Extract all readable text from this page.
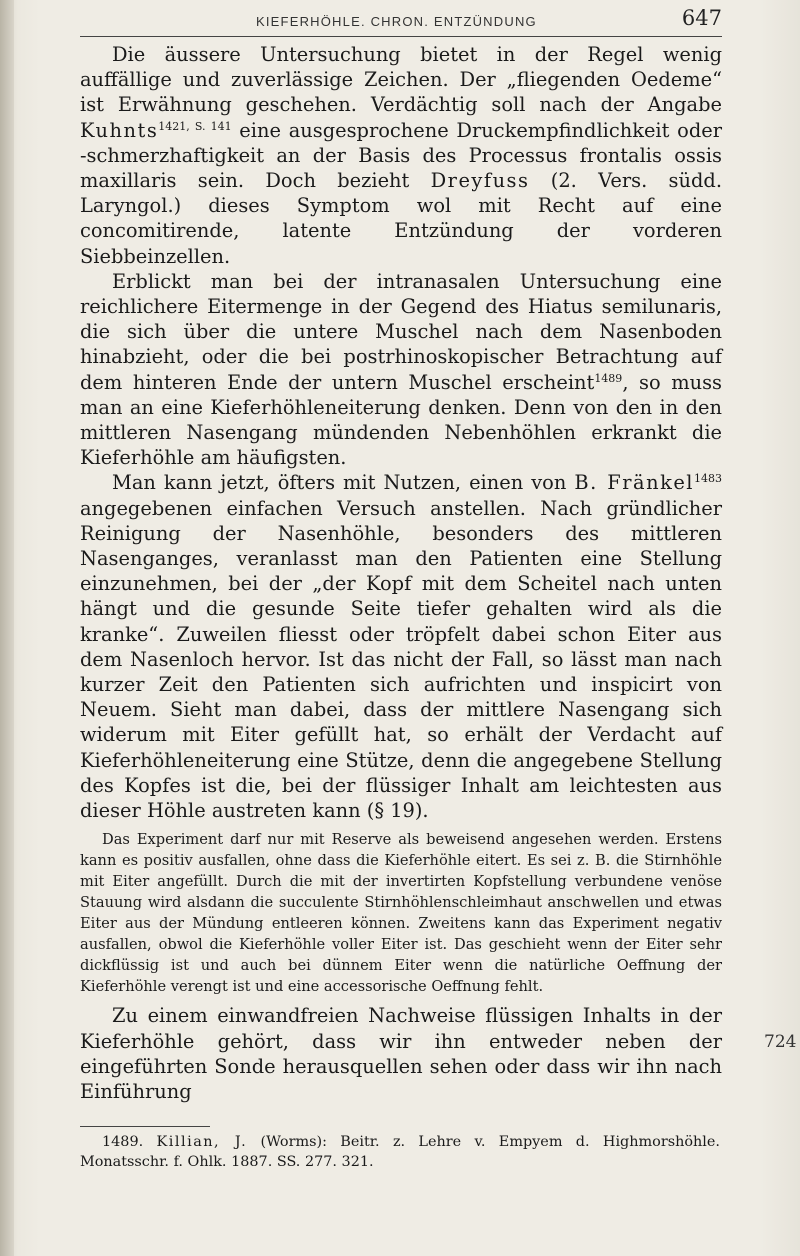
KIEFERHÖHLE. CHRON. ENTZÜNDUNG	647

Die äussere Untersuchung bietet in der Regel wenig auffällige und zuverlässige Zeichen. Der „fliegenden Oedeme“ ist Erwähnung geschehen. Verdächtig soll nach der Angabe Kuhnts$^{1421, S. 141}$ eine ausgesprochene Druckempfindlichkeit oder -schmerzhaftigkeit an der Basis des Processus frontalis ossis maxillaris sein. Doch bezieht Dreyfuss (2. Vers. südd. Laryngol.) dieses Symptom wol mit Recht auf eine concomitirende, latente Entzündung der vorderen Siebbeinzellen.

Erblickt man bei der intranasalen Untersuchung eine reichlichere Eitermenge in der Gegend des Hiatus semilunaris, die sich über die untere Muschel nach dem Nasenboden hinabzieht, oder die bei postrhinoskopischer Betrachtung auf dem hinteren Ende der untern Muschel erscheint$^{1489}$, so muss man an eine Kieferhöhleneiterung denken. Denn von den in den mittleren Nasengang mündenden Nebenhöhlen erkrankt die Kieferhöhle am häufigsten.

Man kann jetzt, öfters mit Nutzen, einen von B. Fränkel$^{1483}$ angegebenen einfachen Versuch anstellen. Nach gründlicher Reinigung der Nasenhöhle, besonders des mittleren Nasenganges, veranlasst man den Patienten eine Stellung einzunehmen, bei der „der Kopf mit dem Scheitel nach unten hängt und die gesunde Seite tiefer gehalten wird als die kranke“. Zuweilen fliesst oder tröpfelt dabei schon Eiter aus dem Nasenloch hervor. Ist das nicht der Fall, so lässt man nach kurzer Zeit den Patienten sich aufrichten und inspicirt von Neuem. Sieht man dabei, dass der mittlere Nasengang sich widerum mit Eiter gefüllt hat, so erhält der Verdacht auf Kieferhöhleneiterung eine Stütze, denn die angegebene Stellung des Kopfes ist die, bei der flüssiger Inhalt am leichtesten aus dieser Höhle austreten kann (§ 19).

Das Experiment darf nur mit Reserve als beweisend angesehen werden. Erstens kann es positiv ausfallen, ohne dass die Kieferhöhle eitert. Es sei z. B. die Stirnhöhle mit Eiter angefüllt. Durch die mit der invertirten Kopfstellung verbundene venöse Stauung wird alsdann die succulente Stirnhöhlenschleimhaut anschwellen und etwas Eiter aus der Mündung entleeren können. Zweitens kann das Experiment negativ ausfallen, obwol die Kieferhöhle voller Eiter ist. Das geschieht wenn der Eiter sehr dickflüssig ist und auch bei dünnem Eiter wenn die natürliche Oeffnung der Kieferhöhle verengt ist und eine accessorische Oeffnung fehlt.

Zu einem einwandfreien Nachweise flüssigen Inhalts in der Kieferhöhle gehört, dass wir ihn entweder neben der eingeführten Sonde herausquellen sehen oder dass wir ihn nach Einführung

724
1489. Killian, J. (Worms): Beitr. z. Lehre v. Empyem d. Highmorshöhle. Monatsschr. f. Ohlk. 1887. SS. 277. 321.
